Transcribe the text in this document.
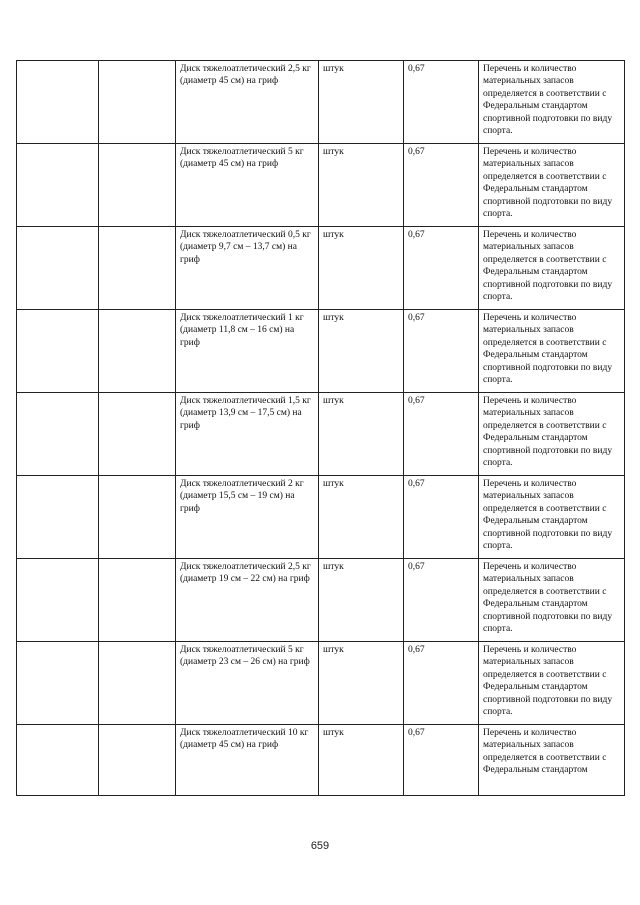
		Диск тяжелоатлетический 2,5 кг (диаметр 45 см) на гриф	штук	0,67	Перечень и количество материальных запасов определяется в соответствии с Федеральным стандартом спортивной подготовки по виду спорта.
		Диск тяжелоатлетический 5 кг (диаметр 45 см) на гриф	штук	0,67	Перечень и количество материальных запасов определяется в соответствии с Федеральным стандартом спортивной подготовки по виду спорта.
		Диск тяжелоатлетический 0,5 кг (диаметр 9,7 см – 13,7 см) на гриф	штук	0,67	Перечень и количество материальных запасов определяется в соответствии с Федеральным стандартом спортивной подготовки по виду спорта.
		Диск тяжелоатлетический 1 кг (диаметр 11,8 см – 16 см) на гриф	штук	0,67	Перечень и количество материальных запасов определяется в соответствии с Федеральным стандартом спортивной подготовки по виду спорта.
		Диск тяжелоатлетический 1,5 кг (диаметр 13,9 см – 17,5 см) на гриф	штук	0,67	Перечень и количество материальных запасов определяется в соответствии с Федеральным стандартом спортивной подготовки по виду спорта.
		Диск тяжелоатлетический 2 кг (диаметр 15,5 см – 19 см) на гриф	штук	0,67	Перечень и количество материальных запасов определяется в соответствии с Федеральным стандартом спортивной подготовки по виду спорта.
		Диск тяжелоатлетический 2,5 кг (диаметр 19 см – 22 см) на гриф	штук	0,67	Перечень и количество материальных запасов определяется в соответствии с Федеральным стандартом спортивной подготовки по виду спорта.
		Диск тяжелоатлетический 5 кг (диаметр 23 см – 26 см) на гриф	штук	0,67	Перечень и количество материальных запасов определяется в соответствии с Федеральным стандартом спортивной подготовки по виду спорта.
		Диск тяжелоатлетический 10 кг (диаметр 45 см) на гриф	штук	0,67	Перечень и количество материальных запасов определяется в соответствии с Федеральным стандартом
659
